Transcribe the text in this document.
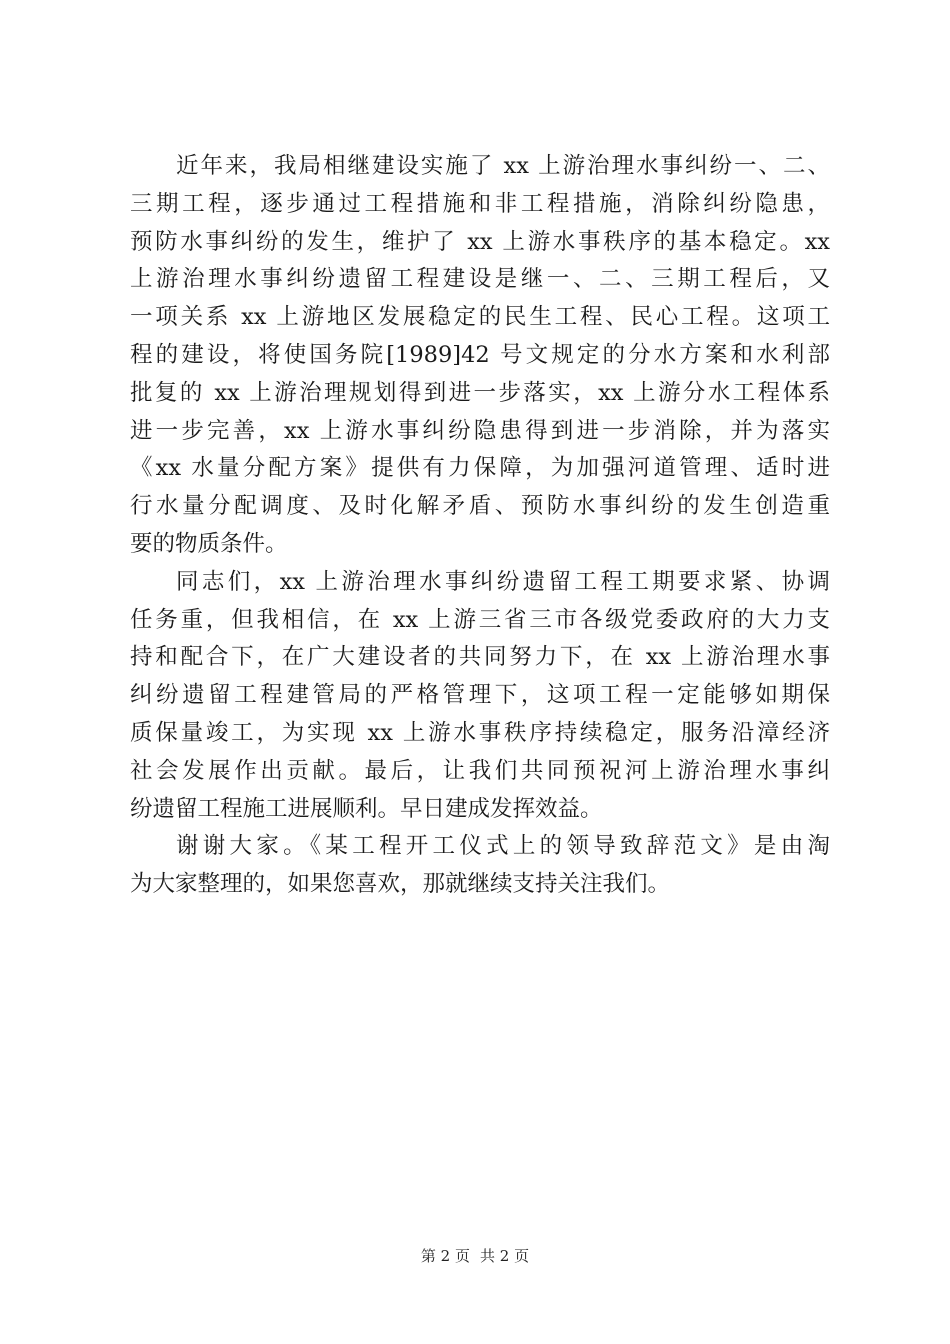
近年来，我局相继建设实施了 xx 上游治理水事纠纷一、二、
三期工程，逐步通过工程措施和非工程措施，消除纠纷隐患，
预防水事纠纷的发生，维护了 xx 上游水事秩序的基本稳定。xx
上游治理水事纠纷遗留工程建设是继一、二、三期工程后，又
一项关系 xx 上游地区发展稳定的民生工程、民心工程。这项工
程的建设，将使国务院[1989]42 号文规定的分水方案和水利部
批复的 xx 上游治理规划得到进一步落实，xx 上游分水工程体系
进一步完善，xx 上游水事纠纷隐患得到进一步消除，并为落实
《xx 水量分配方案》提供有力保障，为加强河道管理、适时进
行水量分配调度、及时化解矛盾、预防水事纠纷的发生创造重
要的物质条件。
同志们，xx 上游治理水事纠纷遗留工程工期要求紧、协调
任务重，但我相信，在 xx 上游三省三市各级党委政府的大力支
持和配合下，在广大建设者的共同努力下，在 xx 上游治理水事
纠纷遗留工程建管局的严格管理下，这项工程一定能够如期保
质保量竣工，为实现 xx 上游水事秩序持续稳定，服务沿漳经济
社会发展作出贡献。最后，让我们共同预祝河上游治理水事纠
纷遗留工程施工进展顺利。早日建成发挥效益。
谢谢大家。《某工程开工仪式上的领导致辞范文》是由淘
为大家整理的，如果您喜欢，那就继续支持关注我们。
第 2 页 共 2 页
